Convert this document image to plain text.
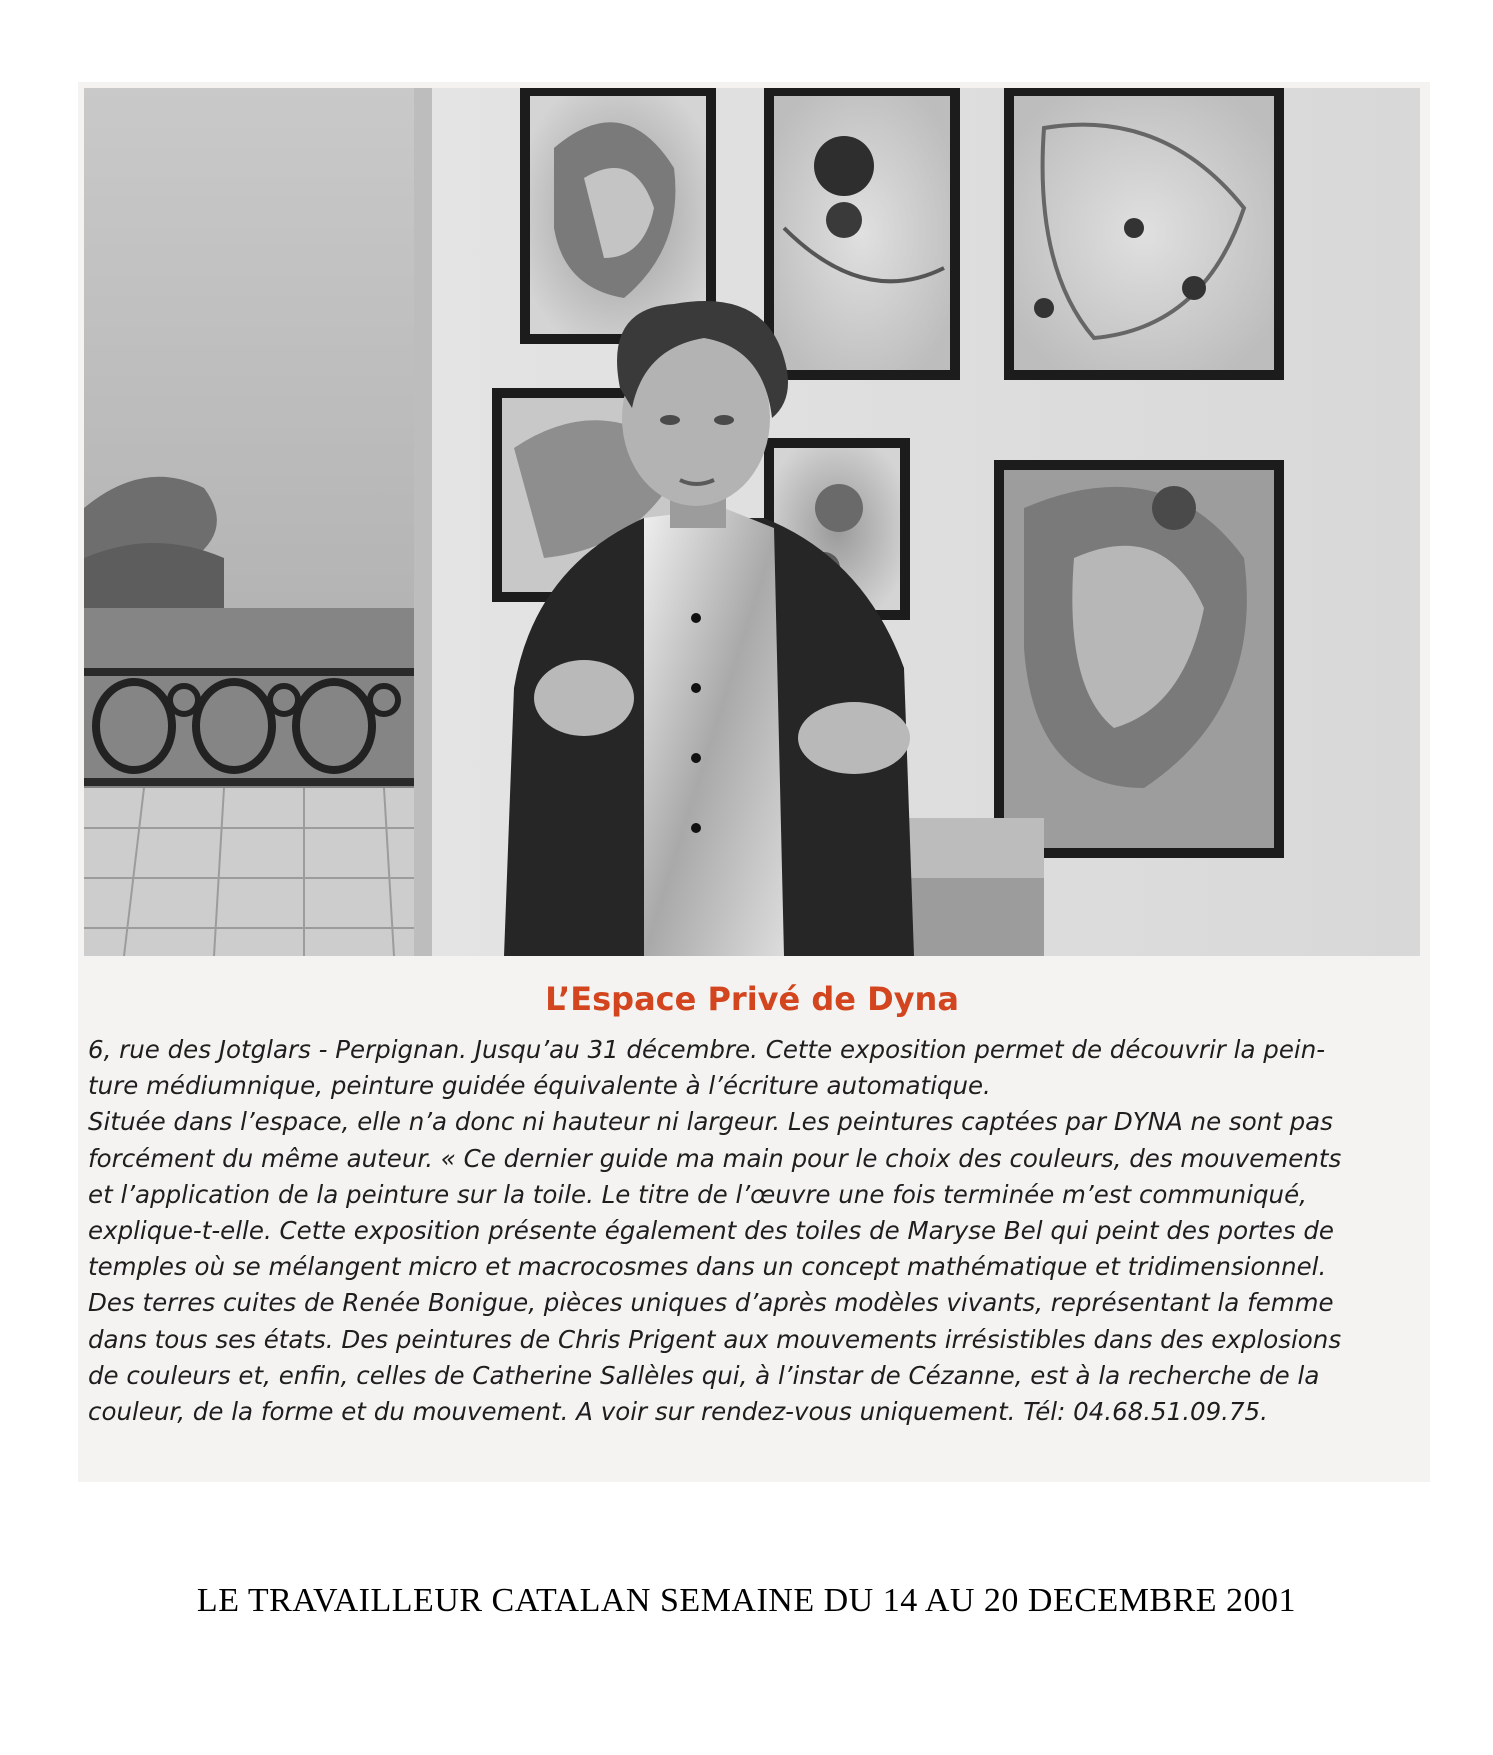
L’Espace Privé de Dyna
6, rue des Jotglars - Perpignan. Jusqu’au 31 décembre. Cette exposition permet de découvrir la pein-
ture médiumnique, peinture guidée équivalente à l’écriture automatique.
Située dans l’espace, elle n’a donc ni hauteur ni largeur. Les peintures captées par DYNA ne sont pas
forcément du même auteur. « Ce dernier guide ma main pour le choix des couleurs, des mouvements
et l’application de la peinture sur la toile. Le titre de l’œuvre une fois terminée m’est communiqué,
explique-t-elle. Cette exposition présente également des toiles de Maryse Bel qui peint des portes de
temples où se mélangent micro et macrocosmes dans un concept mathématique et tridimensionnel.
Des terres cuites de Renée Bonigue, pièces uniques d’après modèles vivants, représentant la femme
dans tous ses états. Des peintures de Chris Prigent aux mouvements irrésistibles dans des explosions
de couleurs et, enfin, celles de Catherine Sallèles qui, à l’instar de Cézanne, est à la recherche de la
couleur, de la forme et du mouvement. A voir sur rendez-vous uniquement. Tél: 04.68.51.09.75.
LE TRAVAILLEUR CATALAN SEMAINE DU 14 AU 20 DECEMBRE 2001
